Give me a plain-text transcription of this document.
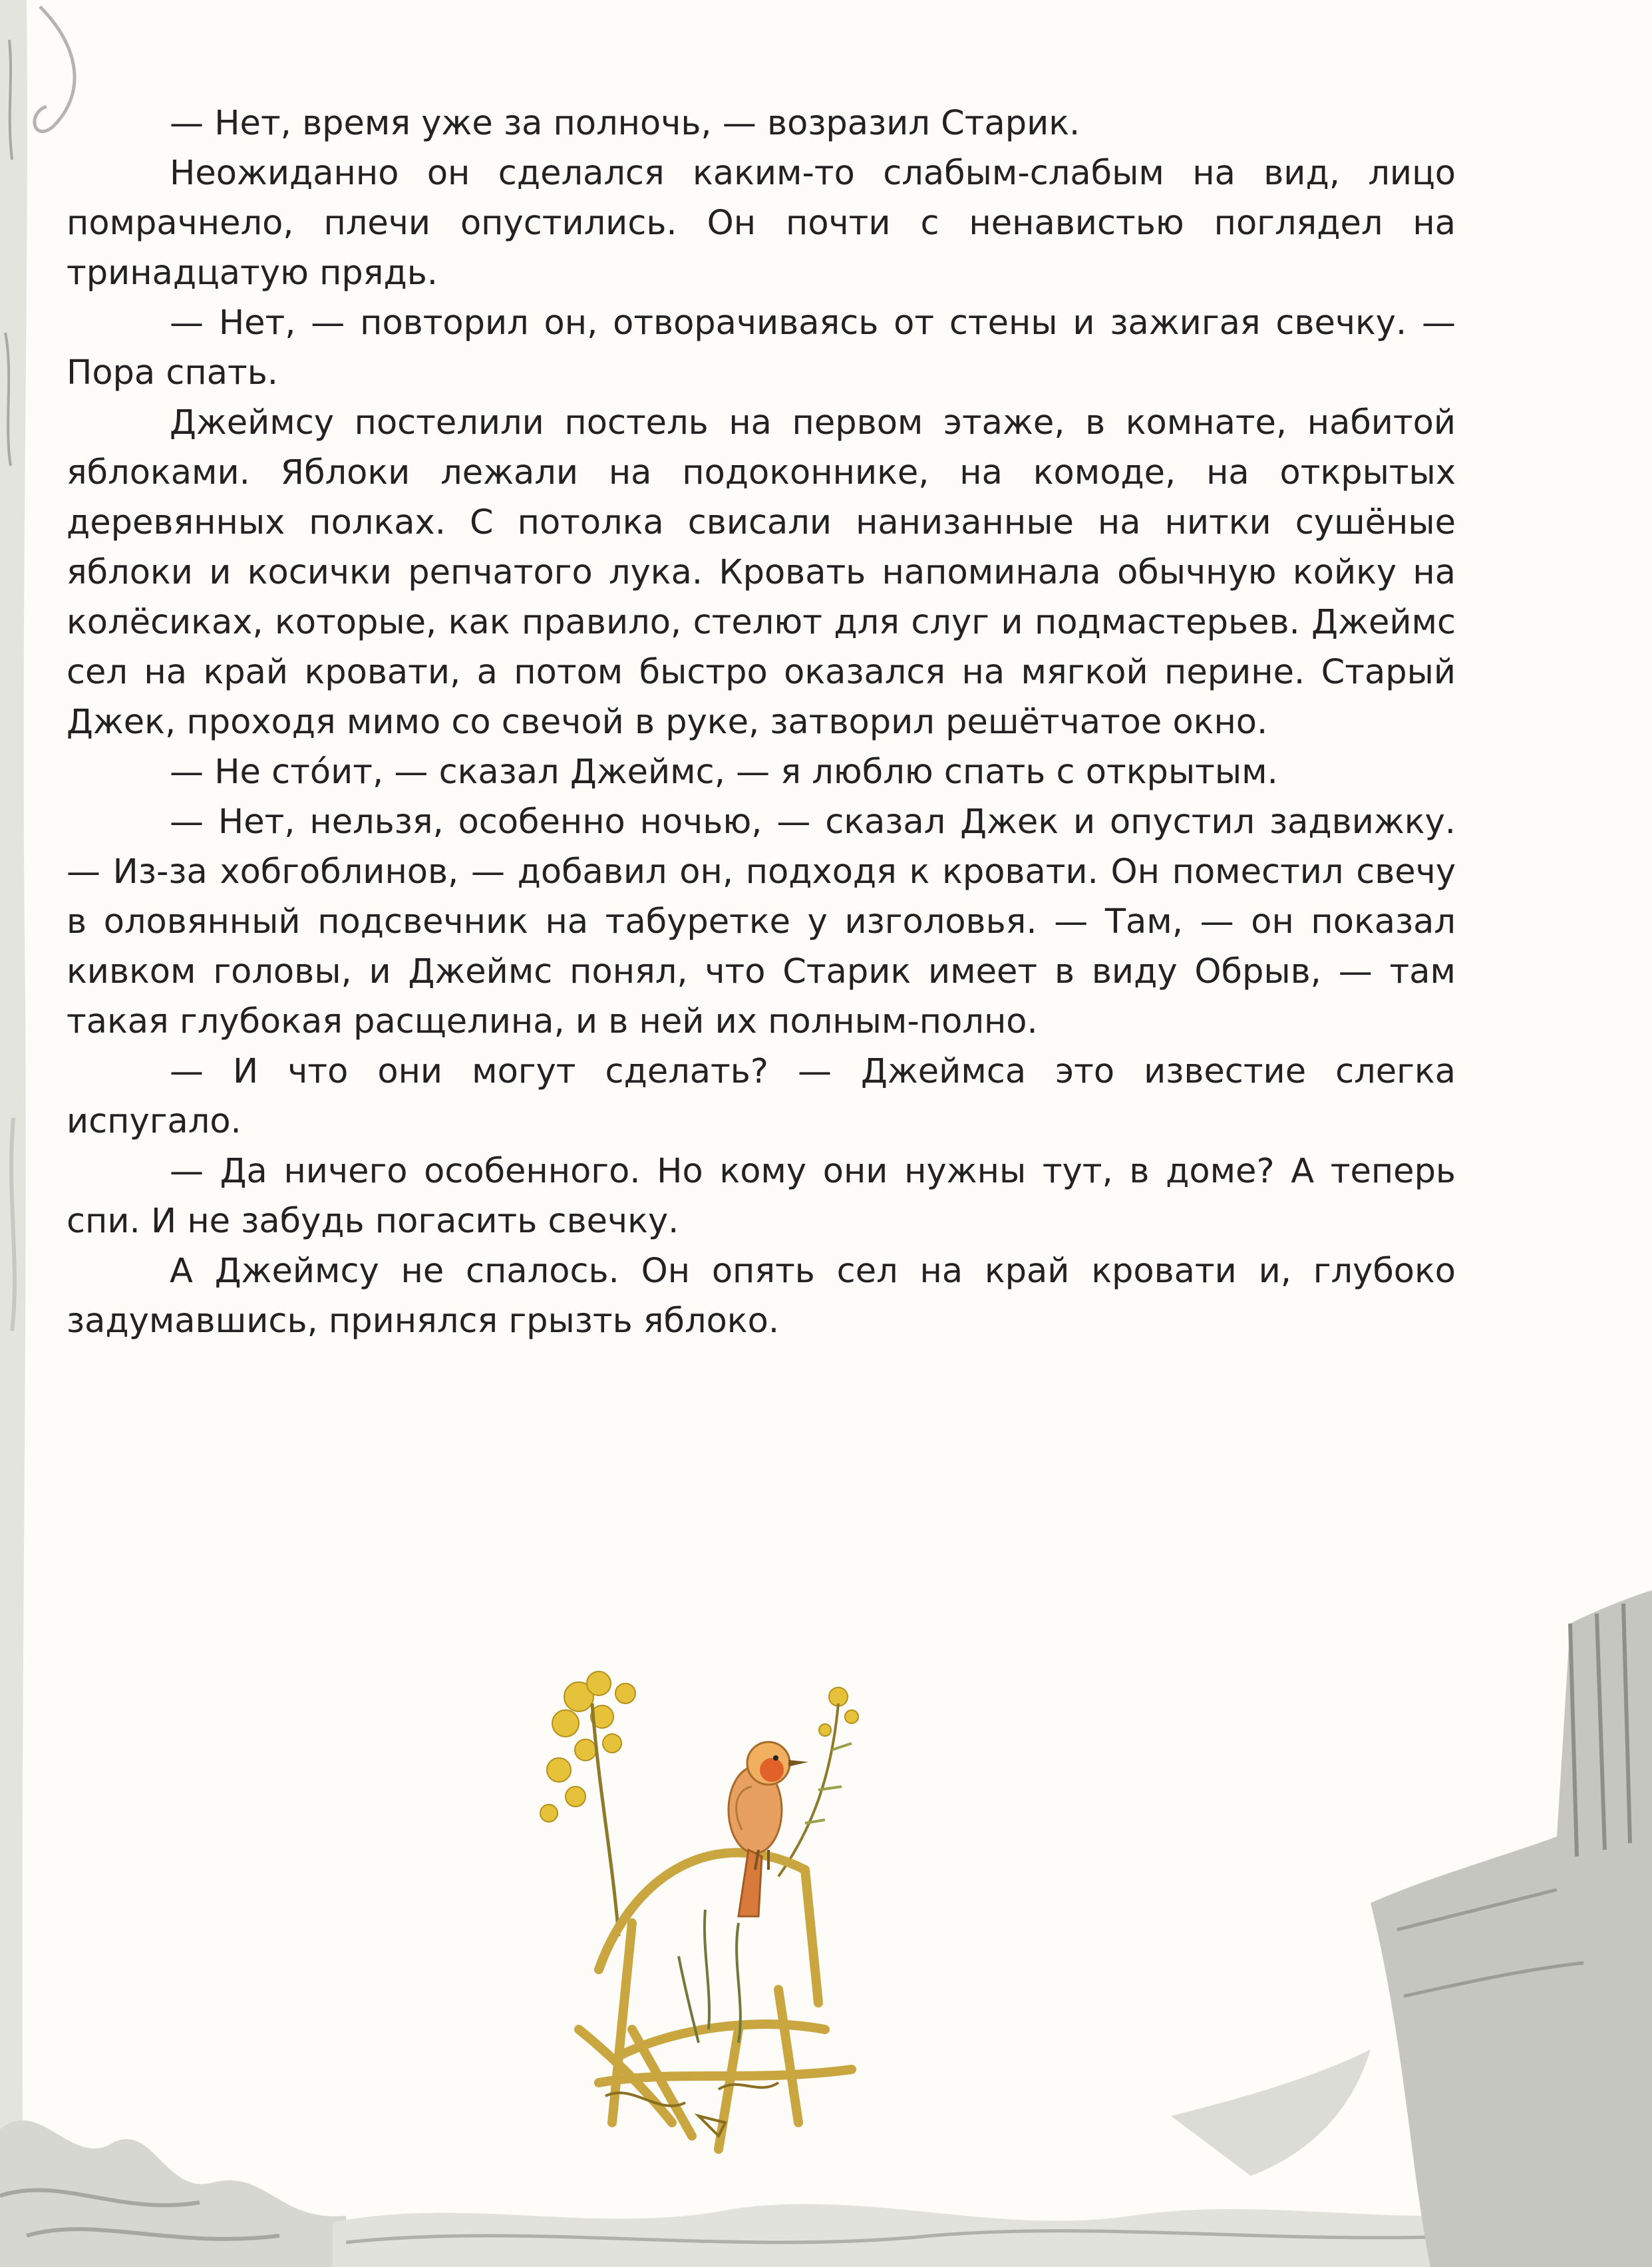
— Нет, время уже за полночь, — возразил Старик.

Неожиданно он сделался каким-то слабым-слабым на вид, лицо помрачнело, плечи опустились. Он почти с ненавистью поглядел на тринадцатую прядь.

— Нет, — повторил он, отворачиваясь от стены и зажигая свечку. — Пора спать.

Джеймсу постелили постель на первом этаже, в комнате, набитой яблоками. Яблоки лежали на подоконнике, на комоде, на открытых деревянных полках. С потолка свисали нанизанные на нитки сушёные яблоки и косички репчатого лука. Кровать напоминала обычную койку на колёсиках, которые, как правило, стелют для слуг и подмастерьев. Джеймс сел на край кровати, а потом быстро оказался на мягкой перине. Старый Джек, проходя мимо со свечой в руке, затворил решётчатое окно.

— Не сто́ит, — сказал Джеймс, — я люблю спать с открытым.

— Нет, нельзя, особенно ночью, — сказал Джек и опустил задвижку. — Из-за хобгоблинов, — добавил он, подходя к кровати. Он поместил свечу в оловянный подсвечник на табуретке у изголовья. — Там, — он показал кивком головы, и Джеймс понял, что Старик имеет в виду Обрыв, — там такая глубокая расщелина, и в ней их полным-полно.

— И что они могут сделать? — Джеймса это известие слегка испугало.

— Да ничего особенного. Но кому они нужны тут, в доме? А теперь спи. И не забудь погасить свечку.

А Джеймсу не спалось. Он опять сел на край кровати и, глубоко задумавшись, принялся грызть яблоко.
